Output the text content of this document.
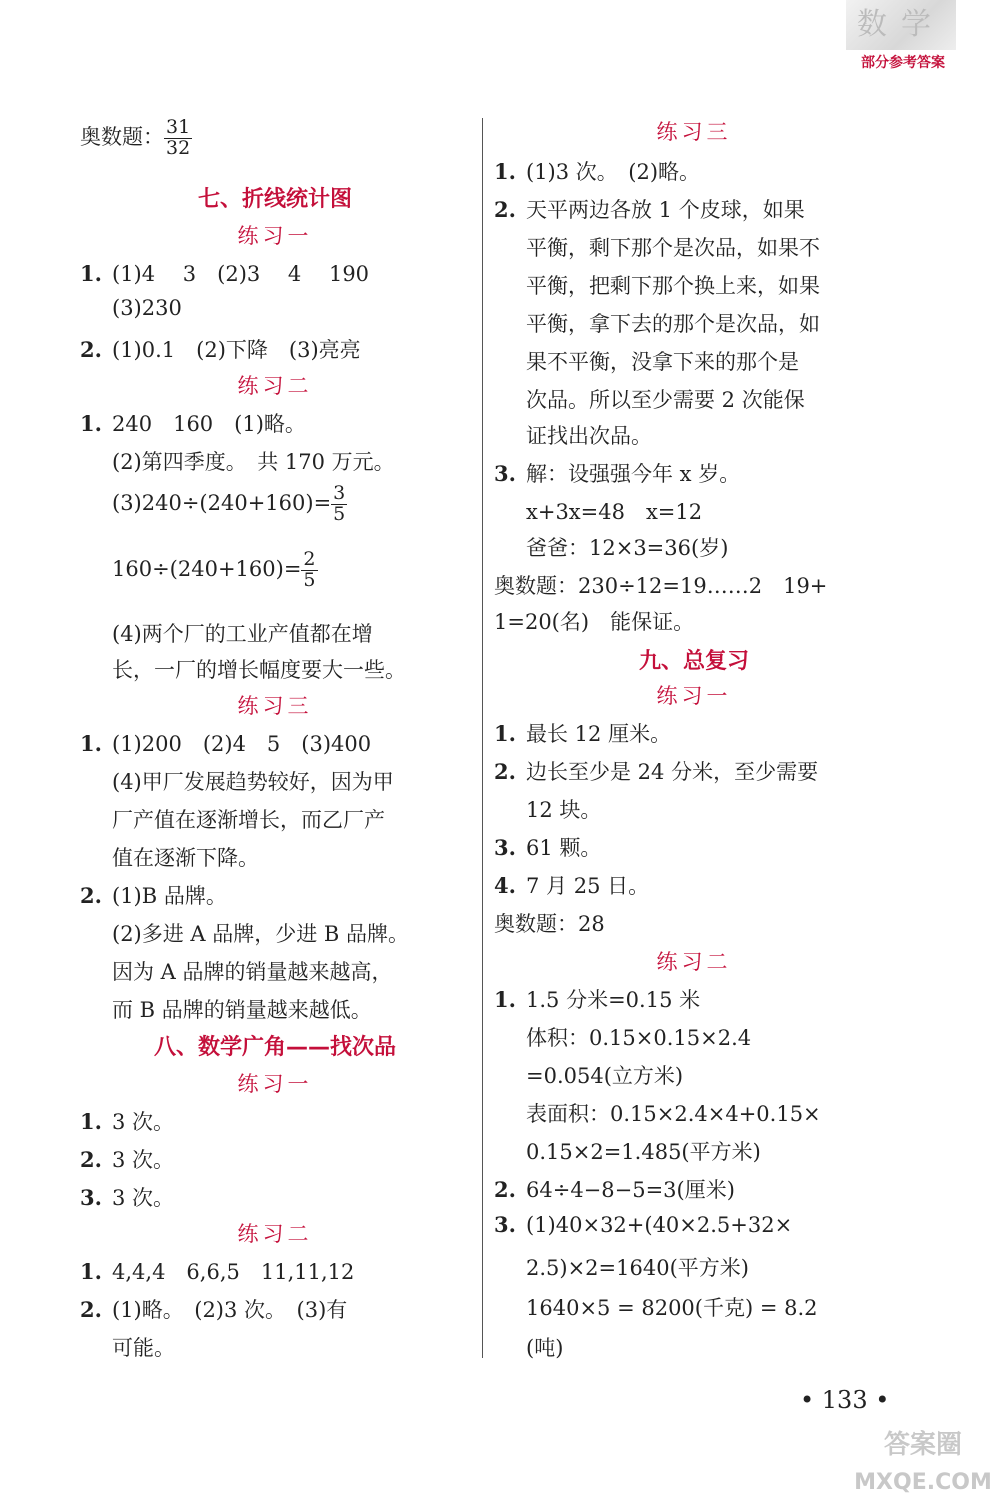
数学
部分参考答案
奥数题： $\frac{31}{32}$
七、折线统计图
练习一
1. (1)4　 3　(2)3　 4　 190
(3)230
2. (1)0.1　(2)下降　(3)亮亮
练习二
1. 240　160　(1)略。
(2)第四季度。　共 170 万元。
$(3)240\div(240+160)= \frac{3}{5}$
$160\div(240+160)= \frac{2}{5}$
(4)两个厂的工业产值都在增
长，一厂的增长幅度要大一些。
练习三
1. (1)200　(2)4　5　(3)400
(4)甲厂发展趋势较好，因为甲
厂产值在逐渐增长，而乙厂产
值在逐渐下降。
2. (1)B 品牌。
(2)多进 A 品牌，少进 B 品牌。
因为 A 品牌的销量越来越高，
而 B 品牌的销量越来越低。
八、数学广角——找次品
练习一
1. 3 次。
2. 3 次。
3. 3 次。
练习二
1. 4,4,4　6,6,5　11,11,12
2. (1)略。　(2)3 次。　(3)有
可能。
练习三
1. (1)3 次。　(2)略。
2. 天平两边各放 1 个皮球，如果
平衡，剩下那个是次品，如果不
平衡，把剩下那个换上来，如果
平衡，拿下去的那个是次品，如
果不平衡，没拿下来的那个是
次品。所以至少需要 2 次能保
证找出次品。
3. 解：设强强今年 x 岁。
x+3x=48　x=12
爸爸：12×3=36(岁)
奥数题：230÷12=19……2　19+
1=20(名)　能保证。
九、总复习
练习一
1. 最长 12 厘米。
2. 边长至少是 24 分米，至少需要
12 块。
3. 61 颗。
4. 7 月 25 日。
奥数题：28
练习二
1. 1.5 分米=0.15 米
体积：0.15×0.15×2.4
=0.054(立方米)
表面积：0.15×2.4×4+0.15×
0.15×2=1.485(平方米)
2. 64÷4−8−5=3(厘米)
3. (1)40×32+(40×2.5+32×
2.5)×2=1640(平方米)
1640×5 = 8200(千克) = 8.2
(吨)
• 133 •
答案圈
MXQE.COM
